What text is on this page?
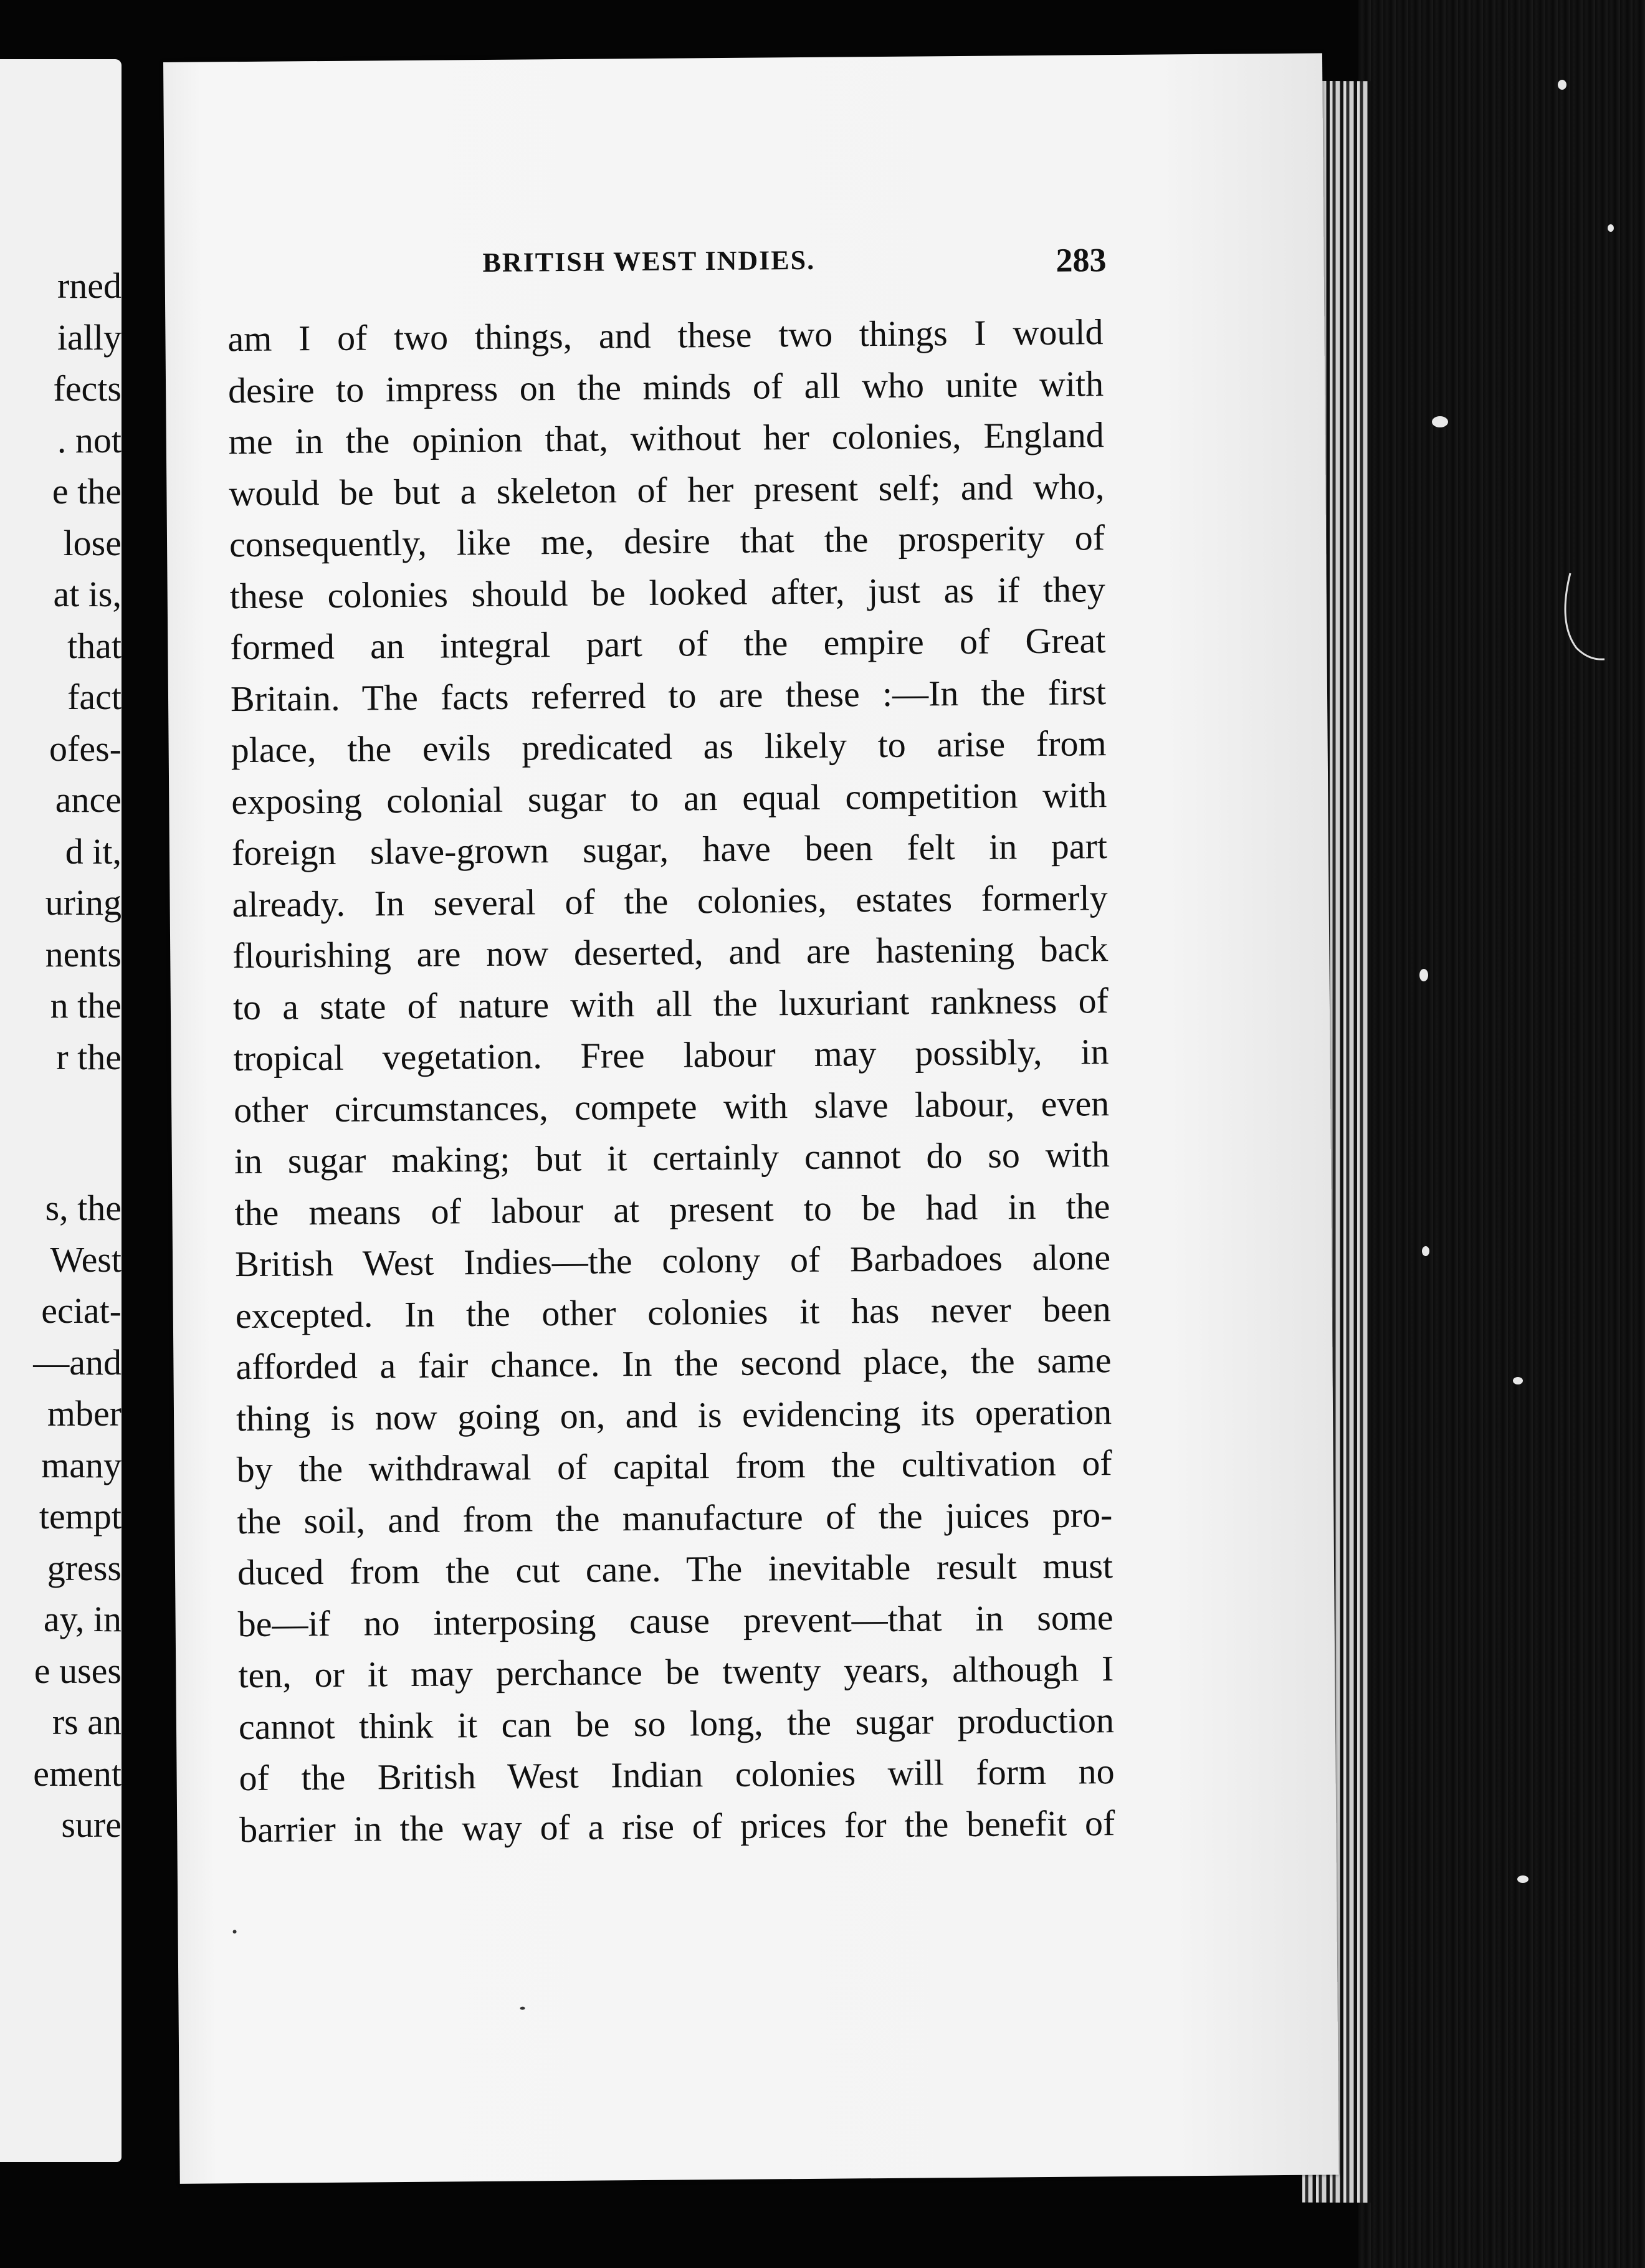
rned
ially
fects
. not
e the
lose
at is,
that
fact
ofes-
ance
d it,
uring
nents
n the
r the
s, the
West
eciat-
—and
mber
many
tempt
gress
ay, in
e uses
rs an
ement
sure
BRITISH WEST INDIES.	283
am I of two things, and these two things I would
desire to impress on the minds of all who unite with
me in the opinion that, without her colonies, England
would be but a skeleton of her present self; and who,
consequently, like me, desire that the prosperity of
these colonies should be looked after, just as if they
formed an integral part of the empire of Great
Britain. The facts referred to are these :—In the first
place, the evils predicated as likely to arise from
exposing colonial sugar to an equal competition with
foreign slave-grown sugar, have been felt in part
already. In several of the colonies, estates formerly
flourishing are now deserted, and are hastening back
to a state of nature with all the luxuriant rankness of
tropical vegetation. Free labour may possibly, in
other circumstances, compete with slave labour, even
in sugar making; but it certainly cannot do so with
the means of labour at present to be had in the
British West Indies—the colony of Barbadoes alone
excepted. In the other colonies it has never been
afforded a fair chance. In the second place, the same
thing is now going on, and is evidencing its operation
by the withdrawal of capital from the cultivation of
the soil, and from the manufacture of the juices pro-
duced from the cut cane. The inevitable result must
be—if no interposing cause prevent—that in some
ten, or it may perchance be twenty years, although I
cannot think it can be so long, the sugar production
of the British West Indian colonies will form no
barrier in the way of a rise of prices for the benefit of
